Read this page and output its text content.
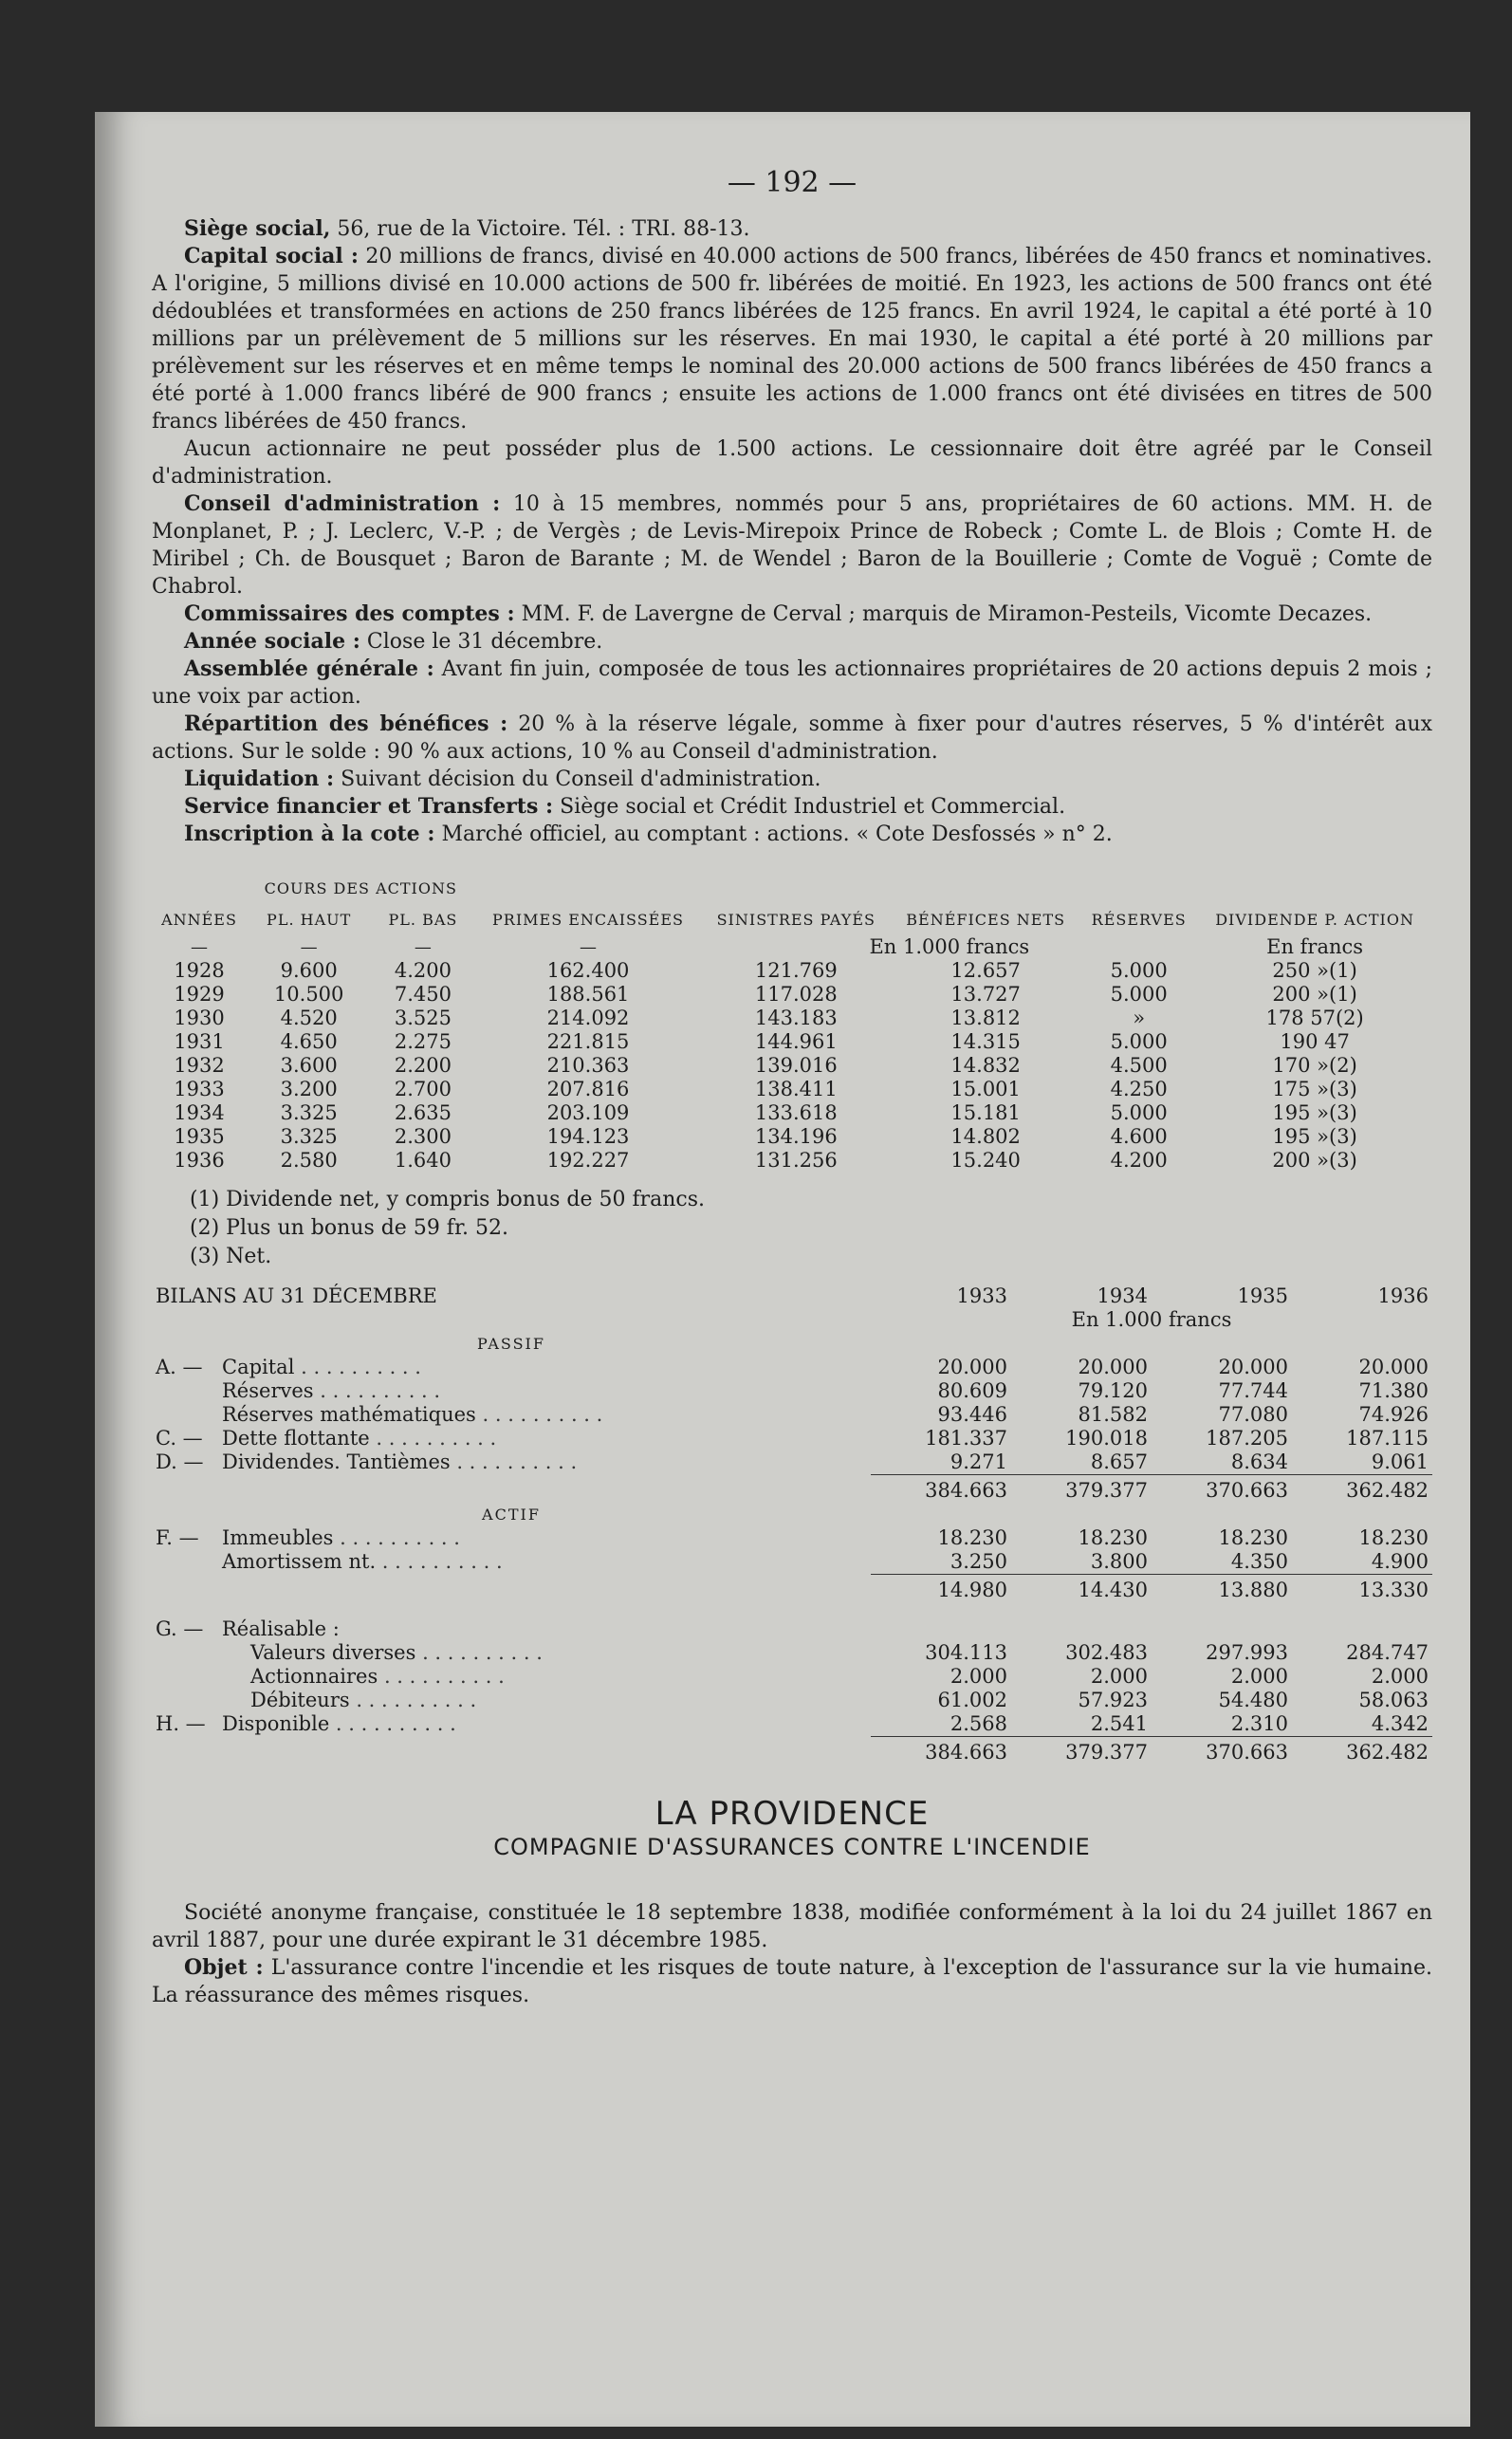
— 192 —

Siège social, 56, rue de la Victoire. Tél. : TRI. 88-13.

Capital social : 20 millions de francs, divisé en 40.000 actions de 500 francs, libérées de 450 francs et nominatives. A l'origine, 5 millions divisé en 10.000 actions de 500 fr. libérées de moitié. En 1923, les actions de 500 francs ont été dédoublées et transformées en actions de 250 francs libérées de 125 francs. En avril 1924, le capital a été porté à 10 millions par un prélèvement de 5 millions sur les réserves. En mai 1930, le capital a été porté à 20 millions par prélèvement sur les réserves et en même temps le nominal des 20.000 actions de 500 francs libérées de 450 francs a été porté à 1.000 francs libéré de 900 francs ; ensuite les actions de 1.000 francs ont été divisées en titres de 500 francs libérées de 450 francs.

Aucun actionnaire ne peut posséder plus de 1.500 actions. Le cessionnaire doit être agréé par le Conseil d'administration.

Conseil d'administration : 10 à 15 membres, nommés pour 5 ans, propriétaires de 60 actions. MM. H. de Monplanet, P. ; J. Leclerc, V.-P. ; de Vergès ; de Levis-Mirepoix Prince de Robeck ; Comte L. de Blois ; Comte H. de Miribel ; Ch. de Bousquet ; Baron de Barante ; M. de Wendel ; Baron de la Bouillerie ; Comte de Voguë ; Comte de Chabrol.

Commissaires des comptes : MM. F. de Lavergne de Cerval ; marquis de Miramon-Pesteils, Vicomte Decazes.

Année sociale : Close le 31 décembre.

Assemblée générale : Avant fin juin, composée de tous les actionnaires propriétaires de 20 actions depuis 2 mois ; une voix par action.

Répartition des bénéfices : 20 % à la réserve légale, somme à fixer pour d'autres réserves, 5 % d'intérêt aux actions. Sur le solde : 90 % aux actions, 10 % au Conseil d'administration.

Liquidation : Suivant décision du Conseil d'administration.

Service financier et Transferts : Siège social et Crédit Industriel et Commercial.

Inscription à la cote : Marché officiel, au comptant : actions. « Cote Desfossés » n° 2.

ANNÉES	COURS DES ACTIONS		PRIMES ENCAISSÉES	SINISTRES PAYÉS	BÉNÉFICES NETS	RÉSERVES	DIVIDENDE P. ACTION
	PL. HAUT	PL. BAS					
—	—	—	—	En 1.000 francs			En francs
1928	9.600	4.200	162.400	121.769	12.657	5.000	250 »(1)
1929	10.500	7.450	188.561	117.028	13.727	5.000	200 »(1)
1930	4.520	3.525	214.092	143.183	13.812	»	178 57(2)
1931	4.650	2.275	221.815	144.961	14.315	5.000	190 47
1932	3.600	2.200	210.363	139.016	14.832	4.500	170 »(2)
1933	3.200	2.700	207.816	138.411	15.001	4.250	175 »(3)
1934	3.325	2.635	203.109	133.618	15.181	5.000	195 »(3)
1935	3.325	2.300	194.123	134.196	14.802	4.600	195 »(3)
1936	2.580	1.640	192.227	131.256	15.240	4.200	200 »(3)
(1) Dividende net, y compris bonus de 50 francs.
(2) Plus un bonus de 59 fr. 52.
(3) Net.
BILANS AU 31 DÉCEMBRE	1933	1934	1935	1936
	En 1.000 francs			
PASSIF				
A. — Capital . . . . . . . . . .	20.000	20.000	20.000	20.000
Réserves . . . . . . . . . .	80.609	79.120	77.744	71.380
Réserves mathématiques . . . . . . . . . .	93.446	81.582	77.080	74.926
C. — Dette flottante . . . . . . . . . .	181.337	190.018	187.205	187.115
D. — Dividendes. Tantièmes . . . . . . . . . .	9.271	8.657	8.634	9.061
	384.663	379.377	370.663	362.482
ACTIF				
F. — Immeubles . . . . . . . . . .	18.230	18.230	18.230	18.230
Amortissem nt. . . . . . . . . . .	3.250	3.800	4.350	4.900
	14.980	14.430	13.880	13.330

G. — Réalisable :				
Valeurs diverses . . . . . . . . . .	304.113	302.483	297.993	284.747
Actionnaires . . . . . . . . . .	2.000	2.000	2.000	2.000
Débiteurs . . . . . . . . . .	61.002	57.923	54.480	58.063
H. — Disponible . . . . . . . . . .	2.568	2.541	2.310	4.342
	384.663	379.377	370.663	362.482
LA PROVIDENCE
COMPAGNIE D'ASSURANCES CONTRE L'INCENDIE

Société anonyme française, constituée le 18 septembre 1838, modifiée conformément à la loi du 24 juillet 1867 en avril 1887, pour une durée expirant le 31 décembre 1985.

Objet : L'assurance contre l'incendie et les risques de toute nature, à l'exception de l'assurance sur la vie humaine. La réassurance des mêmes risques.
